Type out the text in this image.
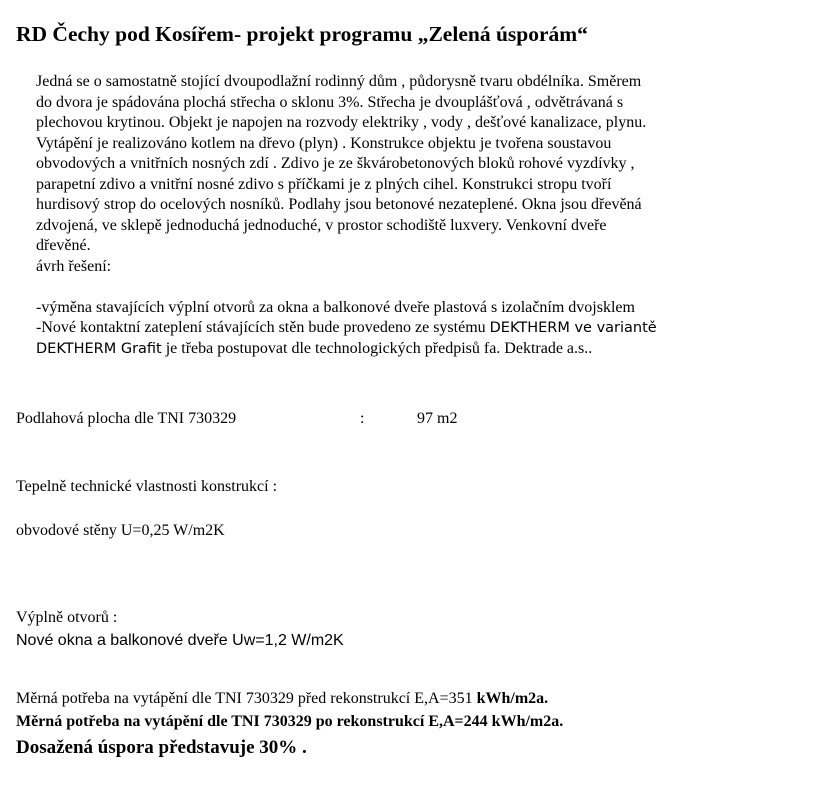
RD Čechy pod Kosířem- projekt programu „Zelená úsporám“
Jedná se o samostatně stojící dvoupodlažní rodinný dům , půdorysně tvaru obdélníka. Směrem
do dvora je spádována plochá střecha o sklonu 3%. Střecha je dvouplášťová , odvětrávaná s
plechovou krytinou. Objekt je napojen na rozvody elektriky , vody , dešťové kanalizace, plynu.
Vytápění je realizováno kotlem na dřevo (plyn) . Konstrukce objektu je tvořena soustavou
obvodových a vnitřních nosných zdí . Zdivo je ze škvárobetonových bloků rohové vyzdívky ,
parapetní zdivo a vnitřní nosné zdivo s příčkami je z plných cihel. Konstrukci stropu tvoří
hurdisový strop do ocelových nosníků. Podlahy jsou betonové nezateplené. Okna jsou dřevěná
zdvojená, ve sklepě jednoduchá jednoduché, v prostor schodiště luxvery. Venkovní dveře
dřevěné.
ávrh řešení:
-výměna stavajících výplní otvorů za okna a balkonové dveře plastová s izolačním dvojsklem
-Nové kontaktní zateplení stávajících stěn bude provedeno ze systému DEKTHERM ve variantě
DEKTHERM Grafit je třeba postupovat dle technologických předpisů fa. Dektrade a.s..
Podlahová plocha dle TNI 730329	:	97 m2
Tepelně technické vlastnosti konstrukcí :
obvodové stěny U=0,25 W/m2K
Výplně otvorů :
Nové okna a balkonové dveře Uw=1,2 W/m2K
Měrná potřeba na vytápění dle TNI 730329 před rekonstrukcí E,A=351 kWh/m2a.
Měrná potřeba na vytápění dle TNI 730329 po rekonstrukcí E,A=244 kWh/m2a.
Dosažená úspora představuje 30% .
